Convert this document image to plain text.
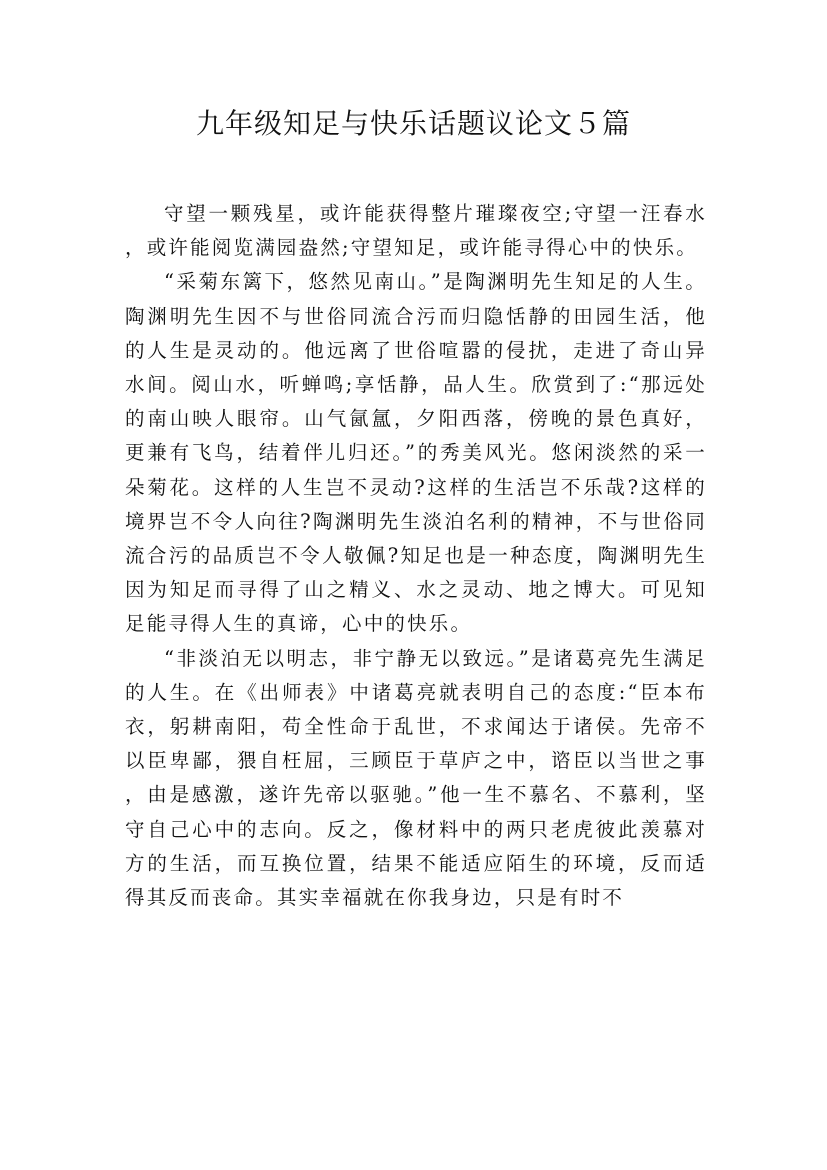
九年级知足与快乐话题议论文５篇

守望一颗残星，或许能获得整片璀璨夜空;守望一汪春水，或许能阅览满园盎然;守望知足，或许能寻得心中的快乐。

“采菊东篱下，悠然见南山。”是陶渊明先生知足的人生。陶渊明先生因不与世俗同流合污而归隐恬静的田园生活，他的人生是灵动的。他远离了世俗喧嚣的侵扰，走进了奇山异水间。阅山水，听蝉鸣;享恬静，品人生。欣赏到了:“那远处的南山映人眼帘。山气氤氲，夕阳西落，傍晚的景色真好，更兼有飞鸟，结着伴儿归还。”的秀美风光。悠闲淡然的采一朵菊花。这样的人生岂不灵动?这样的生活岂不乐哉?这样的境界岂不令人向往?陶渊明先生淡泊名利的精神，不与世俗同流合污的品质岂不令人敬佩?知足也是一种态度，陶渊明先生因为知足而寻得了山之精义、水之灵动、地之博大。可见知足能寻得人生的真谛，心中的快乐。

“非淡泊无以明志，非宁静无以致远。”是诸葛亮先生满足的人生。在《出师表》中诸葛亮就表明自己的态度:“臣本布衣，躬耕南阳，苟全性命于乱世，不求闻达于诸侯。先帝不以臣卑鄙，猥自枉屈，三顾臣于草庐之中，谘臣以当世之事，由是感激，遂许先帝以驱驰。”他一生不慕名、不慕利，坚守自己心中的志向。反之，像材料中的两只老虎彼此羡慕对方的生活，而互换位置，结果不能适应陌生的环境，反而适得其反而丧命。其实幸福就在你我身边，只是有时不
